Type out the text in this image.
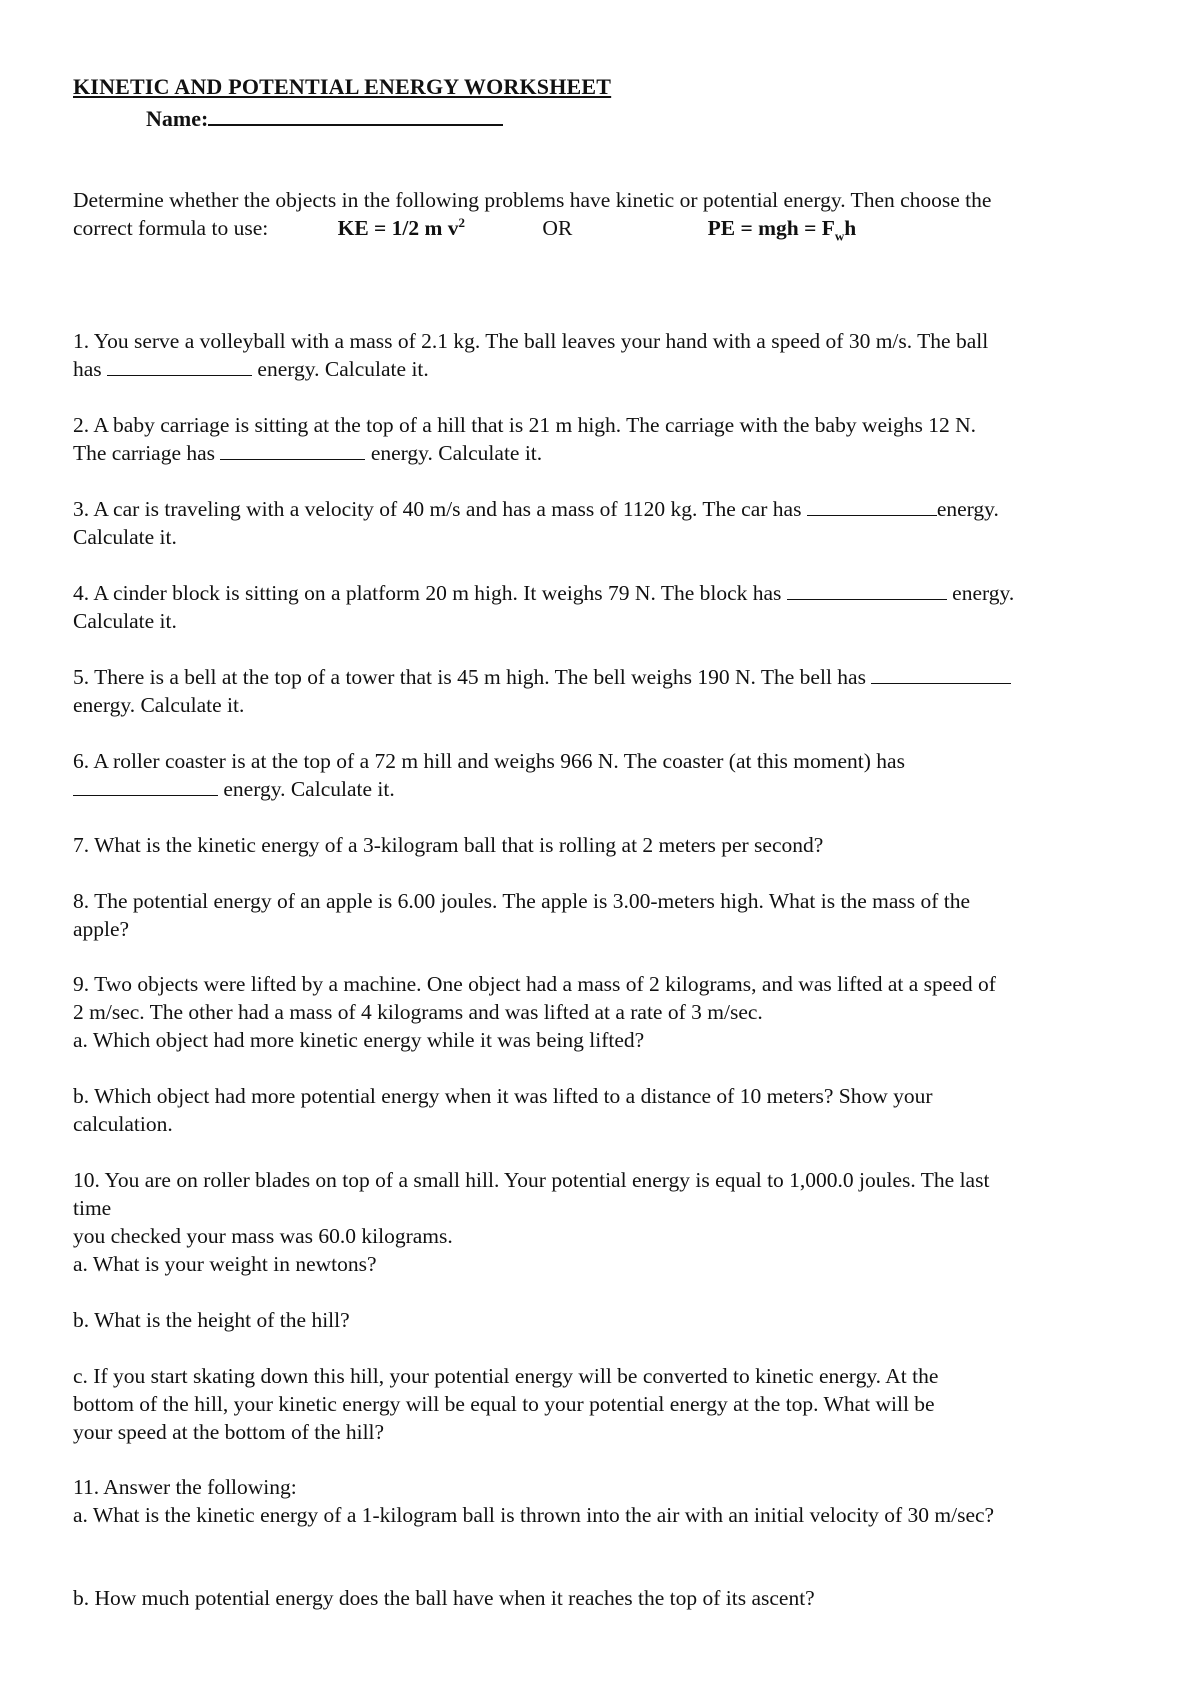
KINETIC AND POTENTIAL ENERGY WORKSHEET
Name:
Determine whether the objects in the following problems have kinetic or potential energy. Then choose the
correct formula to use:	KE = 1/2 m $v^2$	OR	PE = mgh = $F_wh$
1. You serve a volleyball with a mass of 2.1 kg. The ball leaves your hand with a speed of 30 m/s. The ball
has	energy. Calculate it.
2. A baby carriage is sitting at the top of a hill that is 21 m high. The carriage with the baby weighs 12 N.
The carriage has	energy. Calculate it.
3. A car is traveling with a velocity of 40 m/s and has a mass of 1120 kg. The car has	energy.
Calculate it.
4. A cinder block is sitting on a platform 20 m high. It weighs 79 N. The block has	energy.
Calculate it.
5. There is a bell at the top of a tower that is 45 m high. The bell weighs 190 N. The bell has
energy. Calculate it.
6. A roller coaster is at the top of a 72 m hill and weighs 966 N. The coaster (at this moment) has
energy. Calculate it.
7. What is the kinetic energy of a 3-kilogram ball that is rolling at 2 meters per second?
8. The potential energy of an apple is 6.00 joules. The apple is 3.00-meters high. What is the mass of the
apple?
9. Two objects were lifted by a machine. One object had a mass of 2 kilograms, and was lifted at a speed of
2 m/sec. The other had a mass of 4 kilograms and was lifted at a rate of 3 m/sec.
a. Which object had more kinetic energy while it was being lifted?
b. Which object had more potential energy when it was lifted to a distance of 10 meters? Show your
calculation.
10. You are on roller blades on top of a small hill. Your potential energy is equal to 1,000.0 joules. The last
time
you checked your mass was 60.0 kilograms.
a. What is your weight in newtons?
b. What is the height of the hill?
c. If you start skating down this hill, your potential energy will be converted to kinetic energy. At the
bottom of the hill, your kinetic energy will be equal to your potential energy at the top. What will be
your speed at the bottom of the hill?
11. Answer the following:
a. What is the kinetic energy of a 1-kilogram ball is thrown into the air with an initial velocity of 30 m/sec?
b. How much potential energy does the ball have when it reaches the top of its ascent?
